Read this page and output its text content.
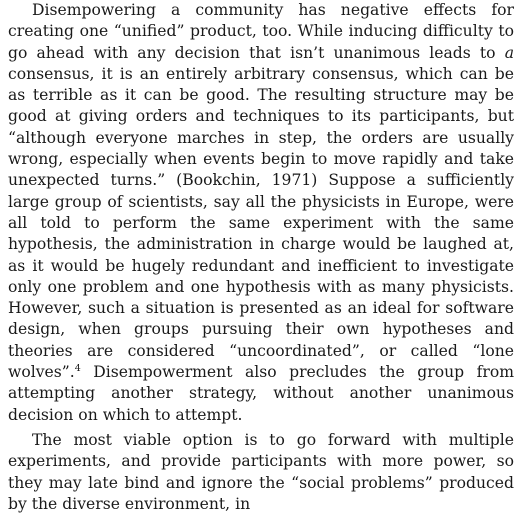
Disempowering a community has negative effects for creating one “unified” product, too. While inducing difficulty to go ahead with any decision that isn’t unanimous leads to a consensus, it is an entirely arbitrary consensus, which can be as terrible as it can be good. The resulting structure may be good at giving orders and techniques to its participants, but “although everyone marches in step, the orders are usually wrong, especially when events begin to move rapidly and take unexpected turns.” (Bookchin, 1971) Suppose a sufficiently large group of scientists, say all the physicists in Europe, were all told to perform the same experiment with the same hypothesis, the administration in charge would be laughed at, as it would be hugely redundant and inefficient to investigate only one problem and one hypothesis with as many physicists. However, such a situation is presented as an ideal for software design, when groups pursuing their own hypotheses and theories are considered “uncoordinated”, or called “lone wolves”.$^4$ Disempowerment also precludes the group from attempting another strategy, without another unanimous decision on which to attempt.

The most viable option is to go forward with multiple experiments, and provide participants with more power, so they may late bind and ignore the “social problems” produced by the diverse environment, in
